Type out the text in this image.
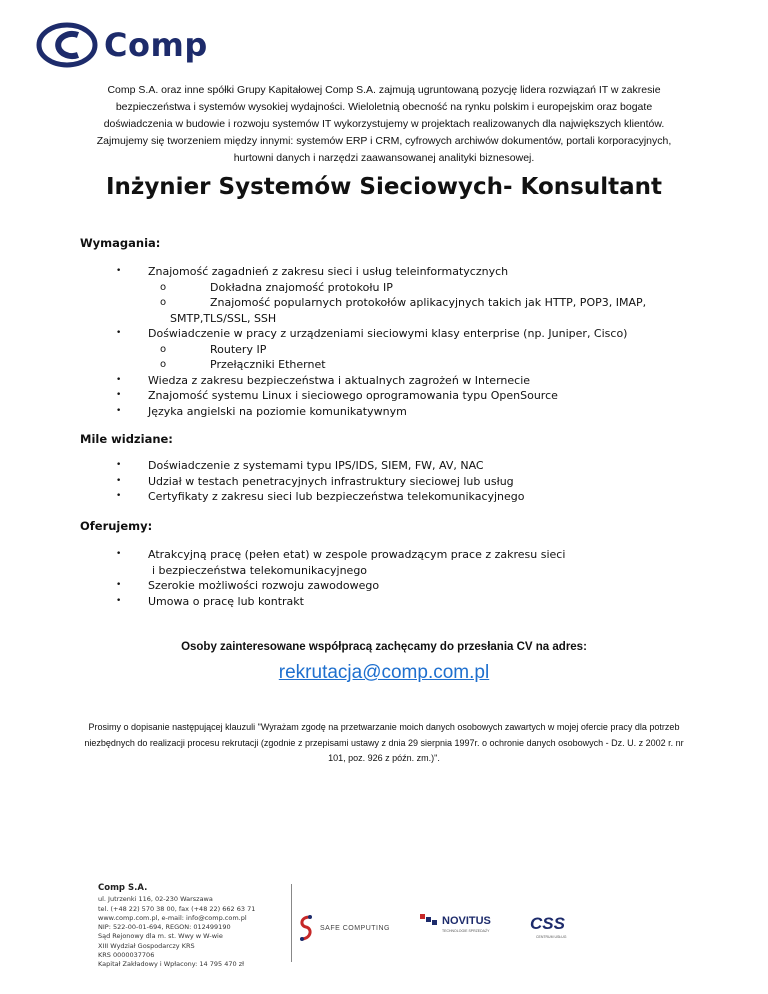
Comp
Comp S.A. oraz inne spółki Grupy Kapitałowej Comp S.A. zajmują ugruntowaną pozycję lidera rozwiązań IT w zakresie bezpieczeństwa i systemów wysokiej wydajności. Wieloletnią obecność na rynku polskim i europejskim oraz bogate doświadczenia w budowie i rozwoju systemów IT wykorzystujemy w projektach realizowanych dla największych klientów. Zajmujemy się tworzeniem między innymi: systemów ERP i CRM, cyfrowych archiwów dokumentów, portali korporacyjnych, hurtowni danych i narzędzi zaawansowanej analityki biznesowej.
Inżynier Systemów Sieciowych- Konsultant
Wymagania:
• Znajomość zagadnień z zakresu sieci i usług teleinformatycznych
o	Dokładna znajomość protokołu IP
o	Znajomość popularnych protokołów aplikacyjnych takich jak HTTP, POP3, IMAP,
SMTP,TLS/SSL, SSH
• Doświadczenie w pracy z urządzeniami sieciowymi klasy enterprise (np. Juniper, Cisco)
o	Routery IP
o	Przełączniki Ethernet
• Wiedza z zakresu bezpieczeństwa i aktualnych zagrożeń w Internecie
• Znajomość systemu Linux i sieciowego oprogramowania typu OpenSource
• Języka angielski na poziomie komunikatywnym
Mile widziane:
• Doświadczenie z systemami typu IPS/IDS, SIEM, FW, AV, NAC
• Udział w testach penetracyjnych infrastruktury sieciowej lub usług
• Certyfikaty z zakresu sieci lub bezpieczeństwa telekomunikacyjnego
Oferujemy:
• Atrakcyjną pracę (pełen etat) w zespole prowadzącym prace z zakresu sieci
i bezpieczeństwa telekomunikacyjnego
• Szerokie możliwości rozwoju zawodowego
• Umowa o pracę lub kontrakt
Osoby zainteresowane współpracą zachęcamy do przesłania CV na adres:
rekrutacja@comp.com.pl
Prosimy o dopisanie następującej klauzuli "Wyrażam zgodę na przetwarzanie moich danych osobowych zawartych w mojej ofercie pracy dla potrzeb niezbędnych do realizacji procesu rekrutacji (zgodnie z przepisami ustawy z dnia 29 sierpnia 1997r. o ochronie danych osobowych - Dz. U. z 2002 r. nr 101, poz. 926 z późn. zm.)".
Comp S.A.
ul. Jutrzenki 116, 02-230 Warszawa
tel. (+48 22) 570 38 00, fax (+48 22) 662 63 71
www.comp.com.pl, e-mail: info@comp.com.pl
NIP: 522-00-01-694, REGON: 012499190
Sąd Rejonowy dla m. st. Wwy w W-wie
XIII Wydział Gospodarczy KRS
KRS 0000037706
Kapitał Zakładowy i Wpłacony: 14 795 470 zł
SAFE COMPUTING
NOVITUS
TECHNOLOGIE SPRZEDAŻY CSS
CENTRUM USŁUG
